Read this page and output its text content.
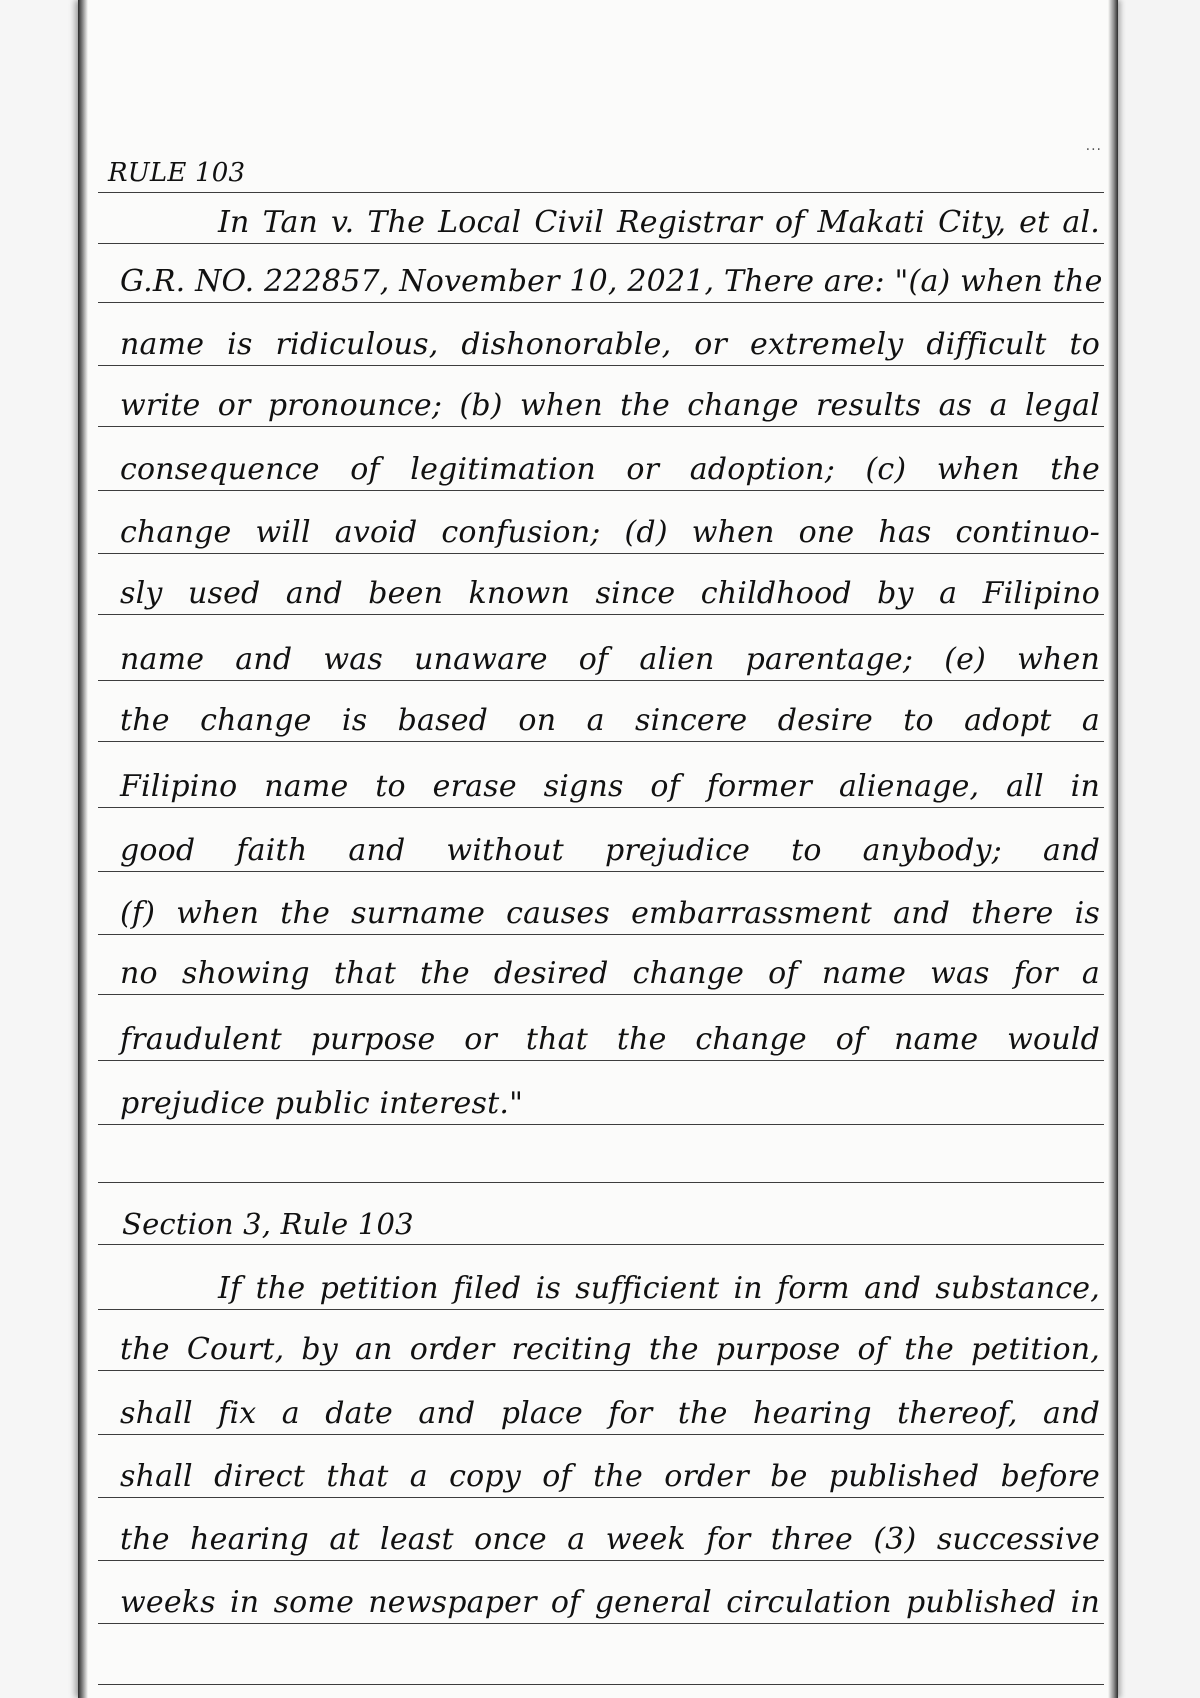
...
RULE 103
In Tan v. The Local Civil Registrar of Makati City, et al.
G.R. NO. 222857, November 10, 2021, There are: "(a) when the
name is ridiculous, dishonorable, or extremely difficult to
write or pronounce; (b) when the change results as a legal
consequence of legitimation or adoption; (c) when the
change will avoid confusion; (d) when one has continuo-
sly used and been known since childhood by a Filipino
name and was unaware of alien parentage; (e) when
the change is based on a sincere desire to adopt a
Filipino name to erase signs of former alienage, all in
good faith and without prejudice to anybody; and
(f) when the surname causes embarrassment and there is
no showing that the desired change of name was for a
fraudulent purpose or that the change of name would
prejudice public interest."
Section 3, Rule 103
If the petition filed is sufficient in form and substance,
the Court, by an order reciting the purpose of the petition,
shall fix a date and place for the hearing thereof, and
shall direct that a copy of the order be published before
the hearing at least once a week for three (3) successive
weeks in some newspaper of general circulation published in
